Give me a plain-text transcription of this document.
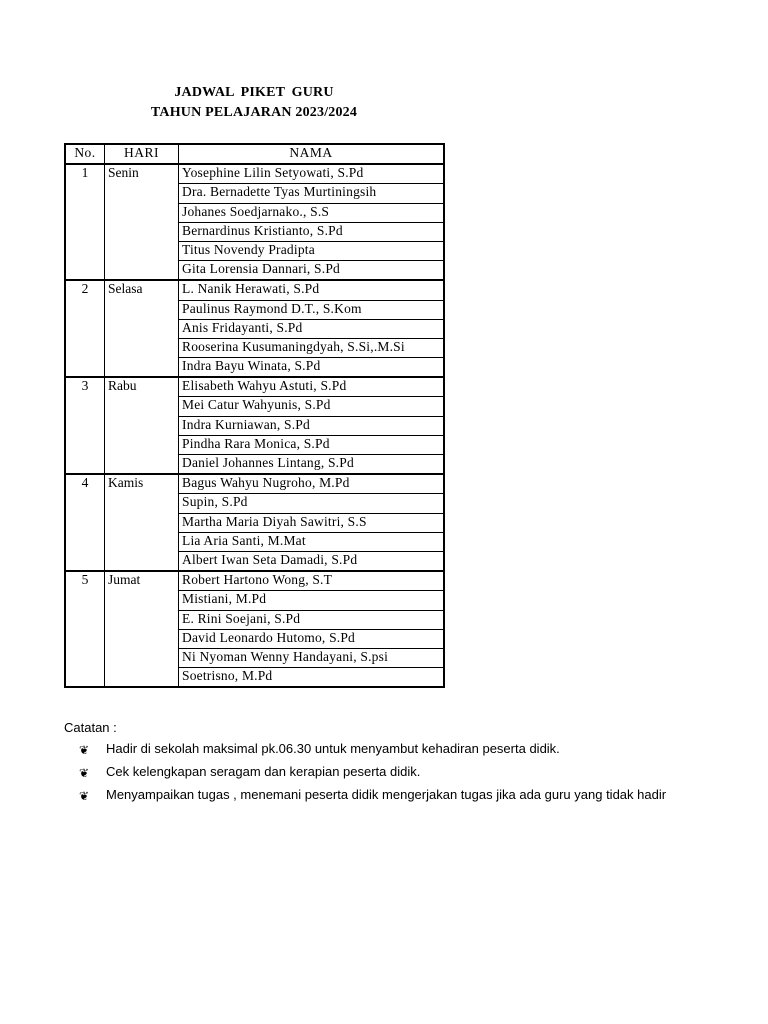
JADWAL PIKET GURU
TAHUN PELAJARAN 2023/2024
No.	HARI	NAMA
1	Senin	Yosephine Lilin Setyowati, S.Pd
		Dra. Bernadette Tyas Murtiningsih
		Johanes Soedjarnako., S.S
		Bernardinus Kristianto, S.Pd
		Titus Novendy Pradipta
		Gita Lorensia Dannari, S.Pd
2	Selasa	L. Nanik Herawati, S.Pd
		Paulinus Raymond D.T., S.Kom
		Anis Fridayanti, S.Pd
		Rooserina Kusumaningdyah, S.Si,.M.Si
		Indra Bayu Winata, S.Pd
3	Rabu	Elisabeth Wahyu Astuti, S.Pd
		Mei Catur Wahyunis, S.Pd
		Indra Kurniawan, S.Pd
		Pindha Rara Monica, S.Pd
		Daniel Johannes Lintang, S.Pd
4	Kamis	Bagus Wahyu Nugroho, M.Pd
		Supin, S.Pd
		Martha Maria Diyah Sawitri, S.S
		Lia Aria Santi, M.Mat
		Albert Iwan Seta Damadi, S.Pd
5	Jumat	Robert Hartono Wong, S.T
		Mistiani, M.Pd
		E. Rini Soejani, S.Pd
		David Leonardo Hutomo, S.Pd
		Ni Nyoman Wenny Handayani, S.psi
		Soetrisno, M.Pd
Catatan :
❦ Hadir di sekolah maksimal pk.06.30 untuk menyambut kehadiran peserta didik.
❦ Cek kelengkapan seragam dan kerapian peserta didik.
❦ Menyampaikan tugas , menemani peserta didik mengerjakan tugas jika ada guru yang tidak hadir
